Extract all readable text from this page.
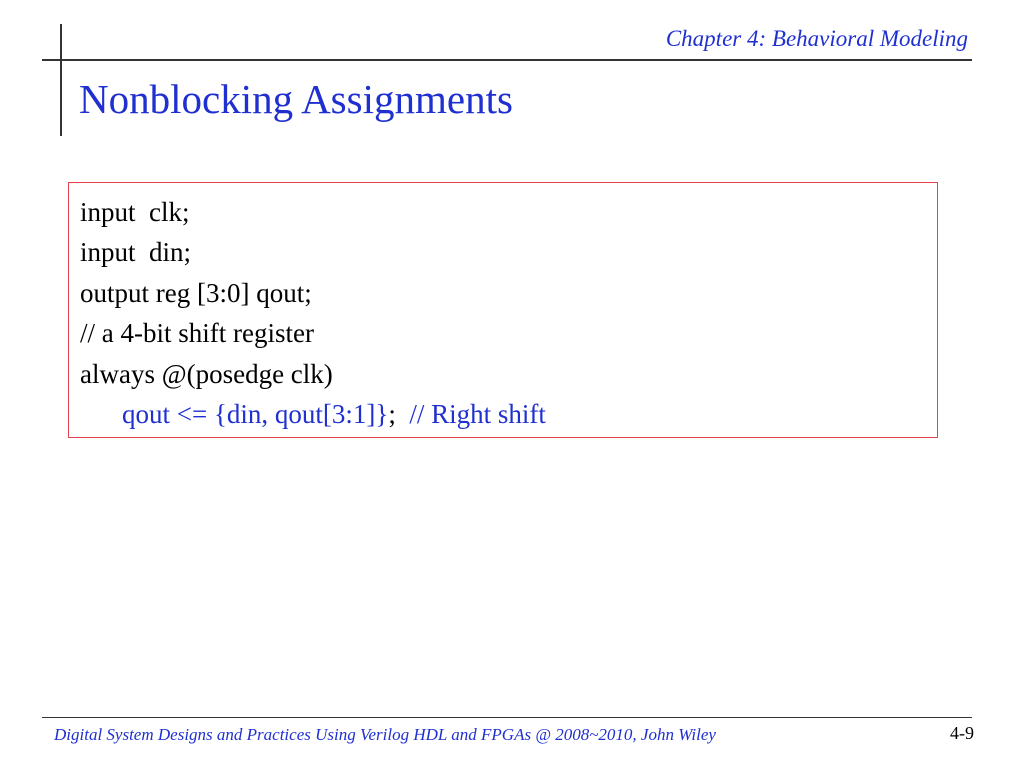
Chapter 4: Behavioral Modeling
Nonblocking Assignments
input  clk;
input  din;
output reg [3:0] qout;
// a 4-bit shift register
always @(posedge clk)
qout <= {din, qout[3:1]};  // Right shift
Digital System Designs and Practices Using Verilog HDL and FPGAs @ 2008~2010, John Wiley	4-9
